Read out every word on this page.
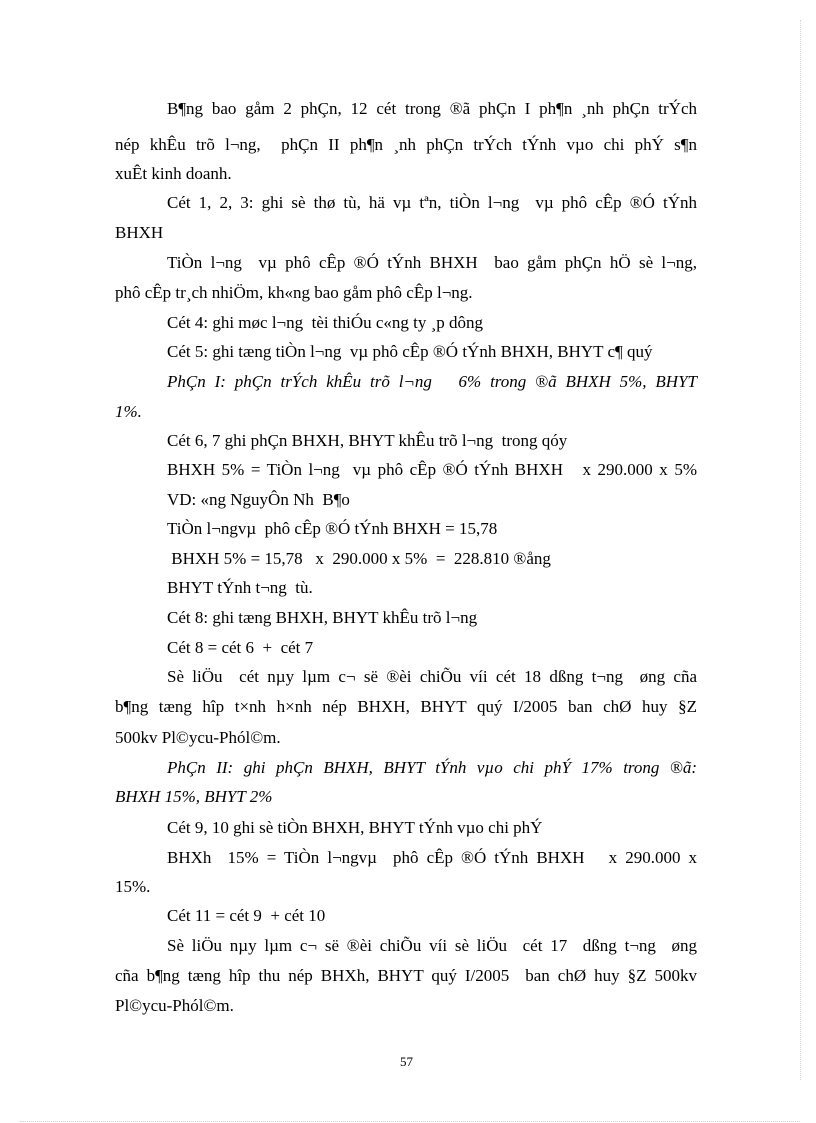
B¶ng bao gåm 2 phÇn, 12 cét trong ®ã phÇn I ph¶n ¸nh phÇn trÝch
nép khÊu trõ l¬ng,  phÇn II ph¶n ¸nh phÇn trÝch tÝnh vµo chi phÝ s¶n
xuÊt kinh doanh.
Cét 1, 2, 3: ghi sè thø tù, hä vµ tªn, tiÒn l¬ng  vµ phô cÊp ®Ó tÝnh
BHXH
TiÒn l¬ng  vµ phô cÊp ®Ó tÝnh BHXH  bao gåm phÇn hÖ sè l¬ng,
phô cÊp tr¸ch nhiÖm, kh«ng bao gåm phô cÊp l¬ng.
Cét 4: ghi møc l¬ng  tèi thiÓu c«ng ty ¸p dông
Cét 5: ghi tæng tiÒn l¬ng  vµ phô cÊp ®Ó tÝnh BHXH, BHYT c¶ quý
PhÇn I: phÇn trÝch khÊu trõ l¬ng   6% trong ®ã BHXH 5%, BHYT
1%.
Cét 6, 7 ghi phÇn BHXH, BHYT khÊu trõ l¬ng  trong qóy
BHXH 5% = TiÒn l¬ng  vµ phô cÊp ®Ó tÝnh BHXH   x 290.000 x 5%
VD: «ng NguyÔn Nh  B¶o
TiÒn l¬ngvµ  phô cÊp ®Ó tÝnh BHXH = 15,78
BHXH 5% = 15,78   x  290.000 x 5%  =  228.810 ®ång
BHYT tÝnh t¬ng  tù.
Cét 8: ghi tæng BHXH, BHYT khÊu trõ l¬ng
Cét 8 = cét 6  +  cét 7
Sè liÖu  cét nµy lµm c¬ së ®èi chiÕu víi cét 18 dßng t¬ng  øng cña
b¶ng tæng hîp t×nh h×nh nép BHXH, BHYT quý I/2005 ban chØ huy §Z
500kv Pl©ycu-Phól©m.
PhÇn II: ghi phÇn BHXH, BHYT tÝnh vµo chi phÝ 17% trong ®ã:
BHXH 15%, BHYT 2%
Cét 9, 10 ghi sè tiÒn BHXH, BHYT tÝnh vµo chi phÝ
BHXh  15% = TiÒn l¬ngvµ  phô cÊp ®Ó tÝnh BHXH   x 290.000 x
15%.
Cét 11 = cét 9  + cét 10
Sè liÖu nµy lµm c¬ së ®èi chiÕu víi sè liÖu  cét 17  dßng t¬ng  øng
cña b¶ng tæng hîp thu nép BHXh, BHYT quý I/2005  ban chØ huy §Z 500kv
Pl©ycu-Phól©m.
57
